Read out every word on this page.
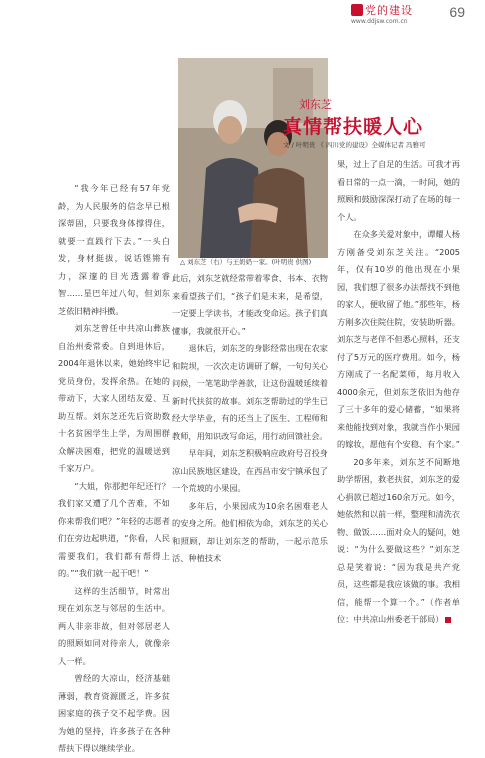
党的建设
www.ddjsw.com.cn
69
△ 刘东芝（右）与王奶奶一家。(叶明贵 供图)
刘东芝
真情帮扶暖人心
文 / 叶明贵 《 四川党的建设》全媒体记者 冯雅可

“我今年已经有57年党龄，为人民服务的信念早已根深蒂固，只要我身体撑得住，就要一直践行下去。”一头白发，身材挺拔，说话铿锵有力，深邃的目光透露着睿智……星巴年过八旬，但刘东芝依旧精神抖擞。

刘东芝曾任中共凉山彝族自治州委常委。自到退休后，2004年退休以来，她始终牢记党员身份，发挥余热。在她的带动下，大家人团结友爱、互助互帮。刘东芝还先后资助数十名贫困学生上学，为周围群众解决困难，把党的温暖送到千家万户。

“大姐，你那把年纪还行？我们家又遭了几个苦难，不如你来帮我们吧？”年轻的志愿者们在旁边起哄道，“你看，人民需要我们，我们都有帮得上的。”“我们就一起干吧！”

这样的生活细节，时常出现在刘东芝与邻居的生活中。两人非亲非故，但对邻居老人的照顾如同对待亲人，就像亲人一样。

曾经的大凉山，经济基础薄弱，教育资源匮乏，许多贫困家庭的孩子交不起学费。因为她的坚持，许多孩子在各种帮扶下得以继续学业。

此后，刘东芝就经常带着零食、书本、衣物来看望孩子们，“孩子们是未来，是希望，一定要上学读书，才能改变命运。孩子们真懂事，我就很开心。”

退休后，刘东芝的身影经常出现在农家和院坝，一次次走访调研了解，一句句关心问候，一笔笔助学善款，让这份温暖延续着新时代扶贫的故事。刘东芝帮助过的学生已经大学毕业，有的还当上了医生、工程师和教师，用知识改写命运，用行动回馈社会。

早年间，刘东芝积极响应政府号召投身凉山民族地区建设，在西昌市安宁镇承包了一个荒坡的小果园。

多年后，小果园成为10余名困难老人的安身之所。他们相依为命，刘东芝的关心和照顾，却让刘东芝的帮助，一起示范乐活、种植技术

果，过上了自足的生活。可我才再看日常的一点一滴，一时间，她的照顾和鼓励深深打动了在场的每一个人。

在众多关爱对象中，谭耀人杨方刚备受刘东芝关注。“2005年，仅有10岁的他出现在小果园，我们想了很多办法帮找不到他的家人，便收留了他。”那些年，杨方刚多次住院住院，安装助听器。刘东芝与老伴不但悉心照料，还支付了5万元的医疗费用。如今，杨方刚成了一名配菜师，每月收入4000余元，但刘东芝依旧为他存了三十多年的爱心储蓄，“如果将来他能找到对象，我就当作小果园的嫁妆，愿他有个安稳、有个家。”

20多年来，刘东芝不间断地助学帮困，救老扶贫，刘东芝的爱心捐款已超过160余万元。如今，她依然和以前一样，整理和清洗衣物、做饭……面对众人的疑问，她说：“为什么要做这些？”刘东芝总是笑着说：“因为我是共产党员，这些都是我应该做的事。我相信，能帮一个算一个。”（作者单位：中共凉山州委老干部局）
